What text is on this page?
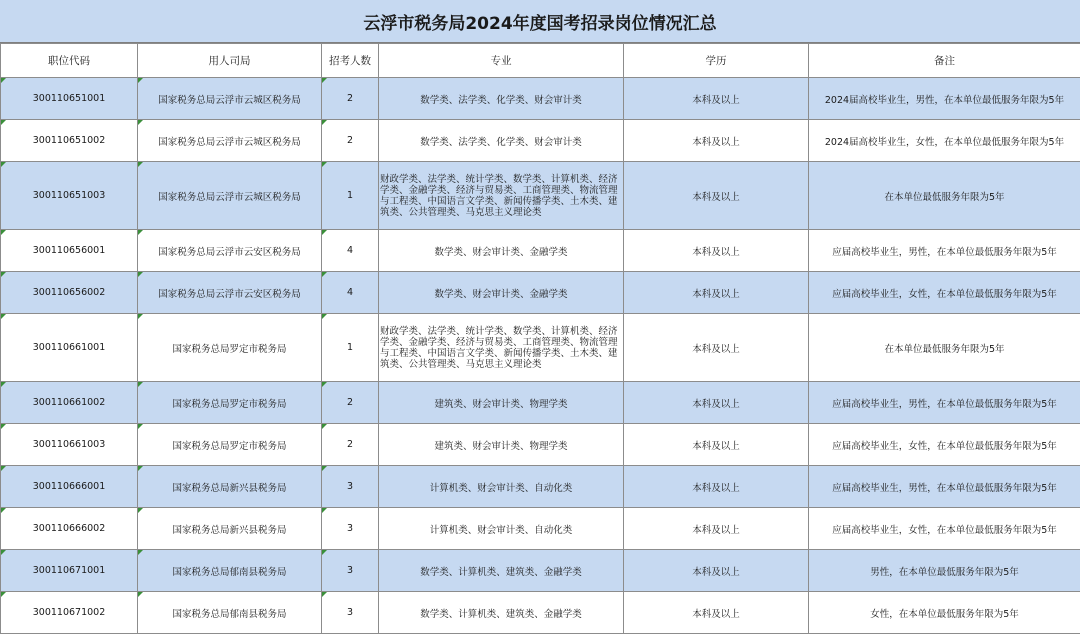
云浮市税务局2024年度国考招录岗位情况汇总
职位代码	用人司局	招考人数	专业	学历	备注
300110651001	国家税务总局云浮市云城区税务局	2	数学类、法学类、化学类、财会审计类	本科及以上	2024届高校毕业生，男性，在本单位最低服务年限为5年
300110651002	国家税务总局云浮市云城区税务局	2	数学类、法学类、化学类、财会审计类	本科及以上	2024届高校毕业生，女性，在本单位最低服务年限为5年
300110651003	国家税务总局云浮市云城区税务局	1	财政学类、法学类、统计学类、数学类、计算机类、经济学类、金融学类、经济与贸易类、工商管理类、物流管理与工程类、中国语言文学类、新闻传播学类、土木类、建筑类、公共管理类、马克思主义理论类	本科及以上	在本单位最低服务年限为5年
300110656001	国家税务总局云浮市云安区税务局	4	数学类、财会审计类、金融学类	本科及以上	应届高校毕业生，男性，在本单位最低服务年限为5年
300110656002	国家税务总局云浮市云安区税务局	4	数学类、财会审计类、金融学类	本科及以上	应届高校毕业生，女性，在本单位最低服务年限为5年
300110661001	国家税务总局罗定市税务局	1	财政学类、法学类、统计学类、数学类、计算机类、经济学类、金融学类、经济与贸易类、工商管理类、物流管理与工程类、中国语言文学类、新闻传播学类、土木类、建筑类、公共管理类、马克思主义理论类	本科及以上	在本单位最低服务年限为5年
300110661002	国家税务总局罗定市税务局	2	建筑类、财会审计类、物理学类	本科及以上	应届高校毕业生，男性，在本单位最低服务年限为5年
300110661003	国家税务总局罗定市税务局	2	建筑类、财会审计类、物理学类	本科及以上	应届高校毕业生，女性，在本单位最低服务年限为5年
300110666001	国家税务总局新兴县税务局	3	计算机类、财会审计类、自动化类	本科及以上	应届高校毕业生，男性，在本单位最低服务年限为5年
300110666002	国家税务总局新兴县税务局	3	计算机类、财会审计类、自动化类	本科及以上	应届高校毕业生，女性，在本单位最低服务年限为5年
300110671001	国家税务总局郁南县税务局	3	数学类、计算机类、建筑类、金融学类	本科及以上	男性，在本单位最低服务年限为5年
300110671002	国家税务总局郁南县税务局	3	数学类、计算机类、建筑类、金融学类	本科及以上	女性，在本单位最低服务年限为5年
